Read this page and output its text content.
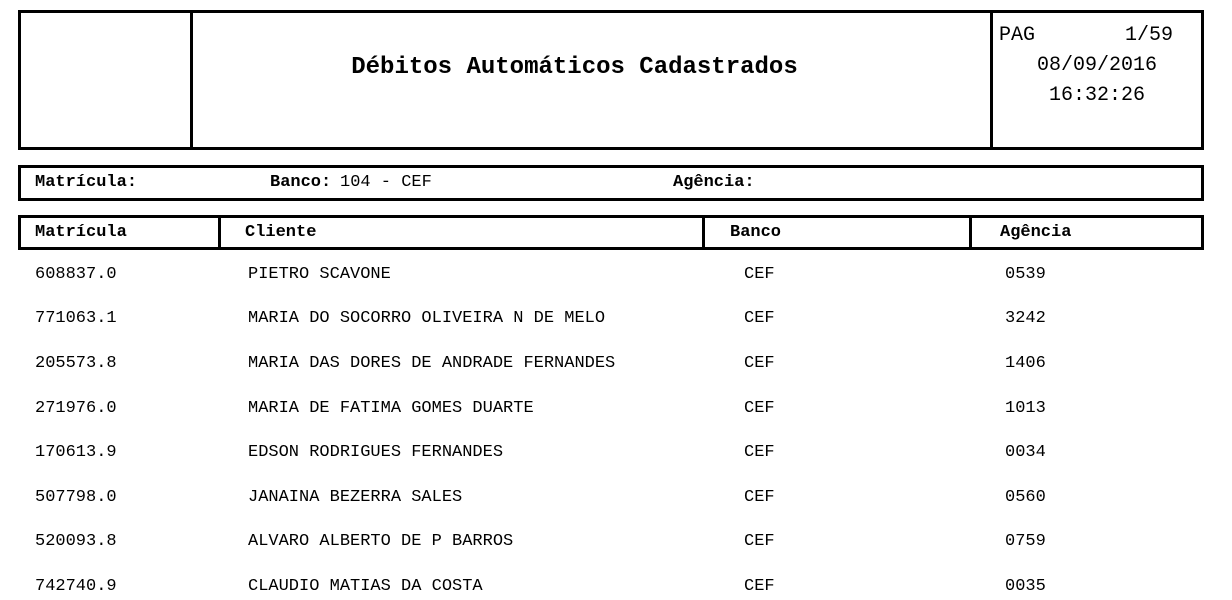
Débitos Automáticos Cadastrados
PAG	1/59
08/09/2016
16:32:26
Matrícula:	Banco: 104 - CEF	Agência:
Matrícula	Cliente	Banco	Agência
608837.0	PIETRO SCAVONE	CEF	0539
771063.1	MARIA DO SOCORRO OLIVEIRA N DE MELO	CEF	3242
205573.8	MARIA DAS DORES DE ANDRADE FERNANDES	CEF	1406
271976.0	MARIA DE FATIMA GOMES DUARTE	CEF	1013
170613.9	EDSON RODRIGUES FERNANDES	CEF	0034
507798.0	JANAINA BEZERRA SALES	CEF	0560
520093.8	ALVARO ALBERTO DE P BARROS	CEF	0759
742740.9	CLAUDIO MATIAS DA COSTA	CEF	0035
